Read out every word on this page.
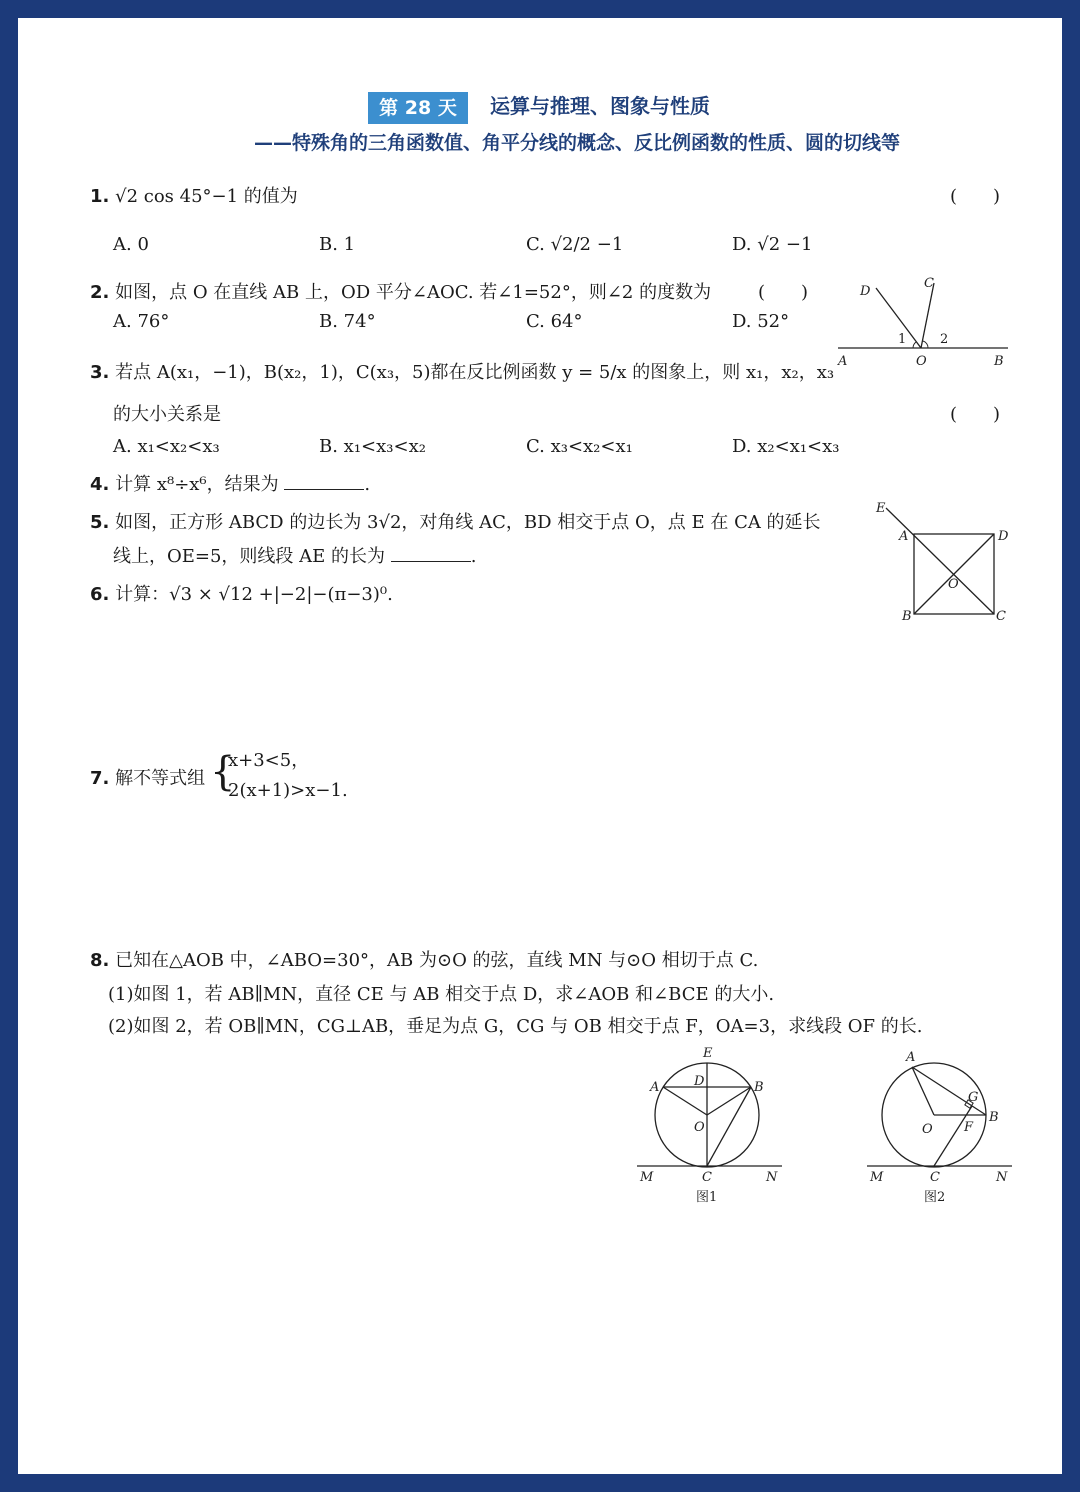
第 28 天	运算与推理、图象与性质
——特殊角的三角函数值、角平分线的概念、反比例函数的性质、圆的切线等
1. √2 cos 45°−1 的值为	(　　)
A. 0	B. 1	C. √2/2 −1	D. √2 −1
2. 如图，点 O 在直线 AB 上，OD 平分∠AOC. 若∠1=52°，则∠2 的度数为	(　　)
A. 76°	B. 74°	C. 64°	D. 52°
D
C
1	2
A	O	B
3. 若点 A(x₁，−1)，B(x₂，1)，C(x₃，5)都在反比例函数 y = 5/x 的图象上，则 x₁，x₂，x₃
的大小关系是	(　　)
A. x₁<x₂<x₃	B. x₁<x₃<x₂	C. x₃<x₂<x₁	D. x₂<x₁<x₃
4. 计算 x⁸÷x⁶，结果为	.
5. 如图，正方形 ABCD 的边长为 3√2，对角线 AC，BD 相交于点 O，点 E 在 CA 的延长
线上，OE=5，则线段 AE 的长为	.
E
A	D
O
B	C
6. 计算：√3 × √12 +|−2|−(π−3)⁰.
7. 解不等式组 {
x+3<5，
2(x+1)>x−1.
8. 已知在△AOB 中，∠ABO=30°，AB 为⊙O 的弦，直线 MN 与⊙O 相切于点 C.
(1)如图 1，若 AB∥MN，直径 CE 与 AB 相交于点 D，求∠AOB 和∠BCE 的大小.
(2)如图 2，若 OB∥MN，CG⊥AB，垂足为点 G，CG 与 OB 相交于点 F，OA=3，求线段 OF 的长.
E
A	D	B
O
M	C	N
图1
A
G
O F
B
M	C	N
图2
